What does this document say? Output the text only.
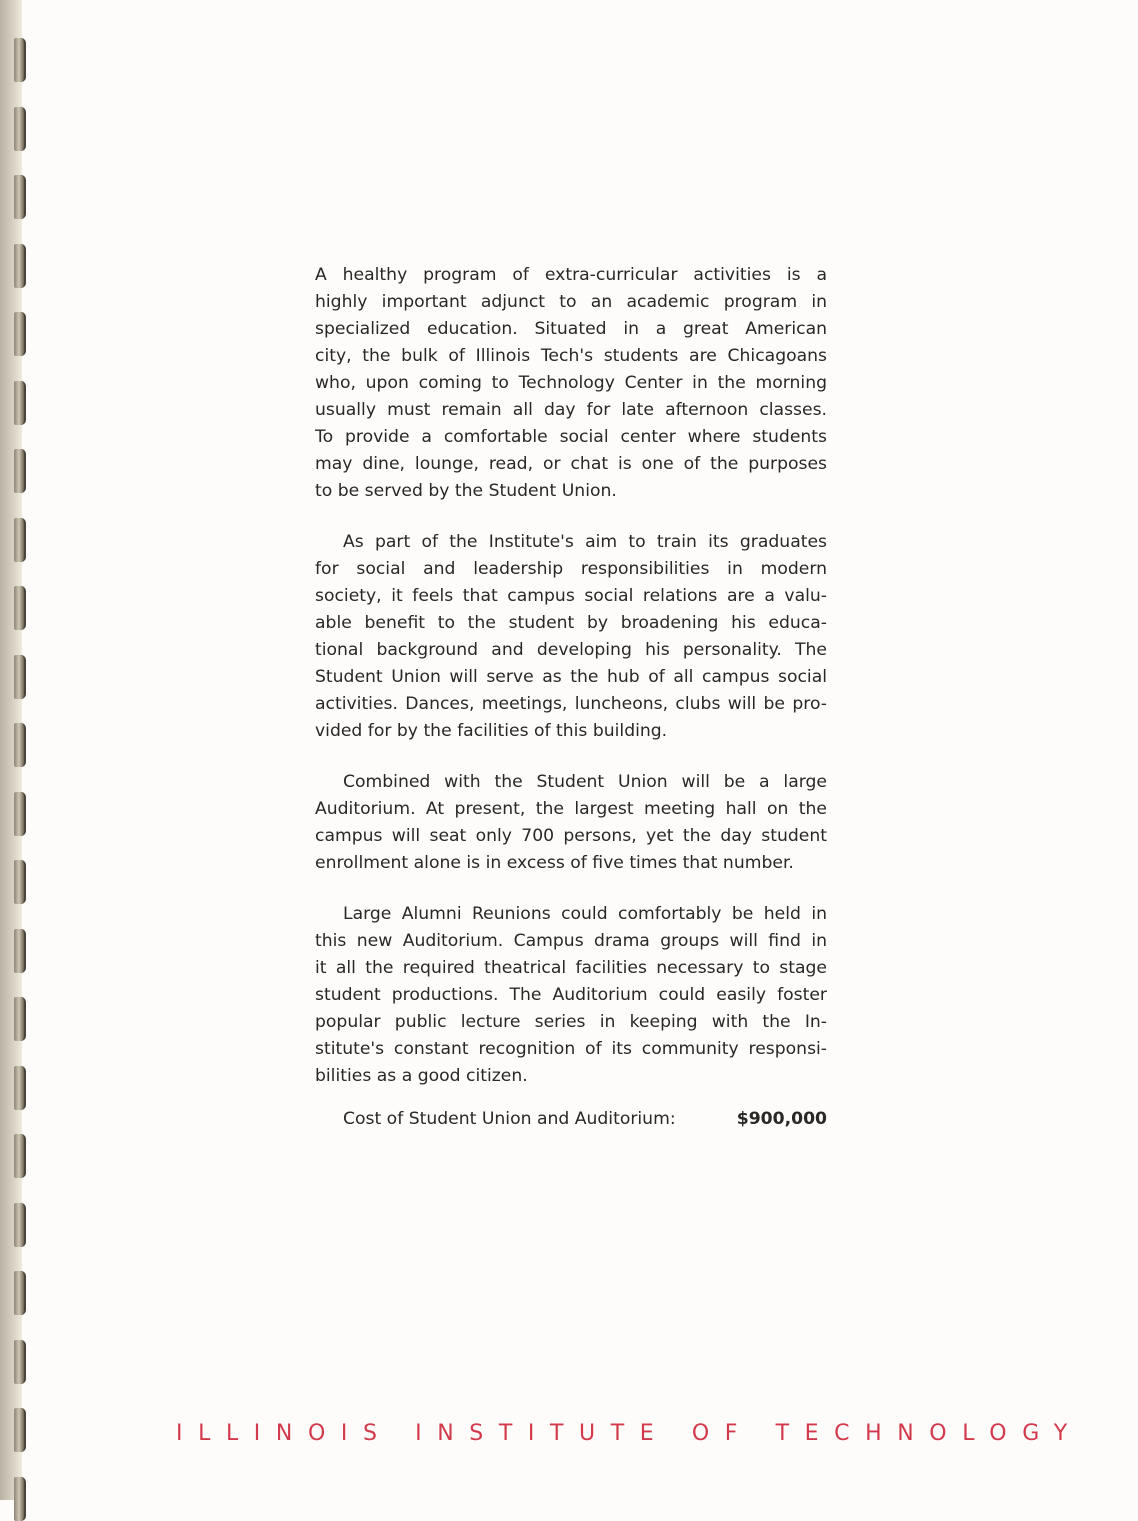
A healthy program of extra-curricular activities is a
highly important adjunct to an academic program in
specialized education. Situated in a great American
city, the bulk of Illinois Tech's students are Chicagoans
who, upon coming to Technology Center in the morning
usually must remain all day for late afternoon classes.
To provide a comfortable social center where students
may dine, lounge, read, or chat is one of the purposes
to be served by the Student Union.
As part of the Institute's aim to train its graduates
for social and leadership responsibilities in modern
society, it feels that campus social relations are a valu-
able benefit to the student by broadening his educa-
tional background and developing his personality. The
Student Union will serve as the hub of all campus social
activities. Dances, meetings, luncheons, clubs will be pro-
vided for by the facilities of this building.
Combined with the Student Union will be a large
Auditorium. At present, the largest meeting hall on the
campus will seat only 700 persons, yet the day student
enrollment alone is in excess of five times that number.
Large Alumni Reunions could comfortably be held in
this new Auditorium. Campus drama groups will find in
it all the required theatrical facilities necessary to stage
student productions. The Auditorium could easily foster
popular public lecture series in keeping with the In-
stitute's constant recognition of its community responsi-
bilities as a good citizen.
Cost of Student Union and Auditorium:	$900,000
ILLINOIS INSTITUTE OF TECHNOLOGY
